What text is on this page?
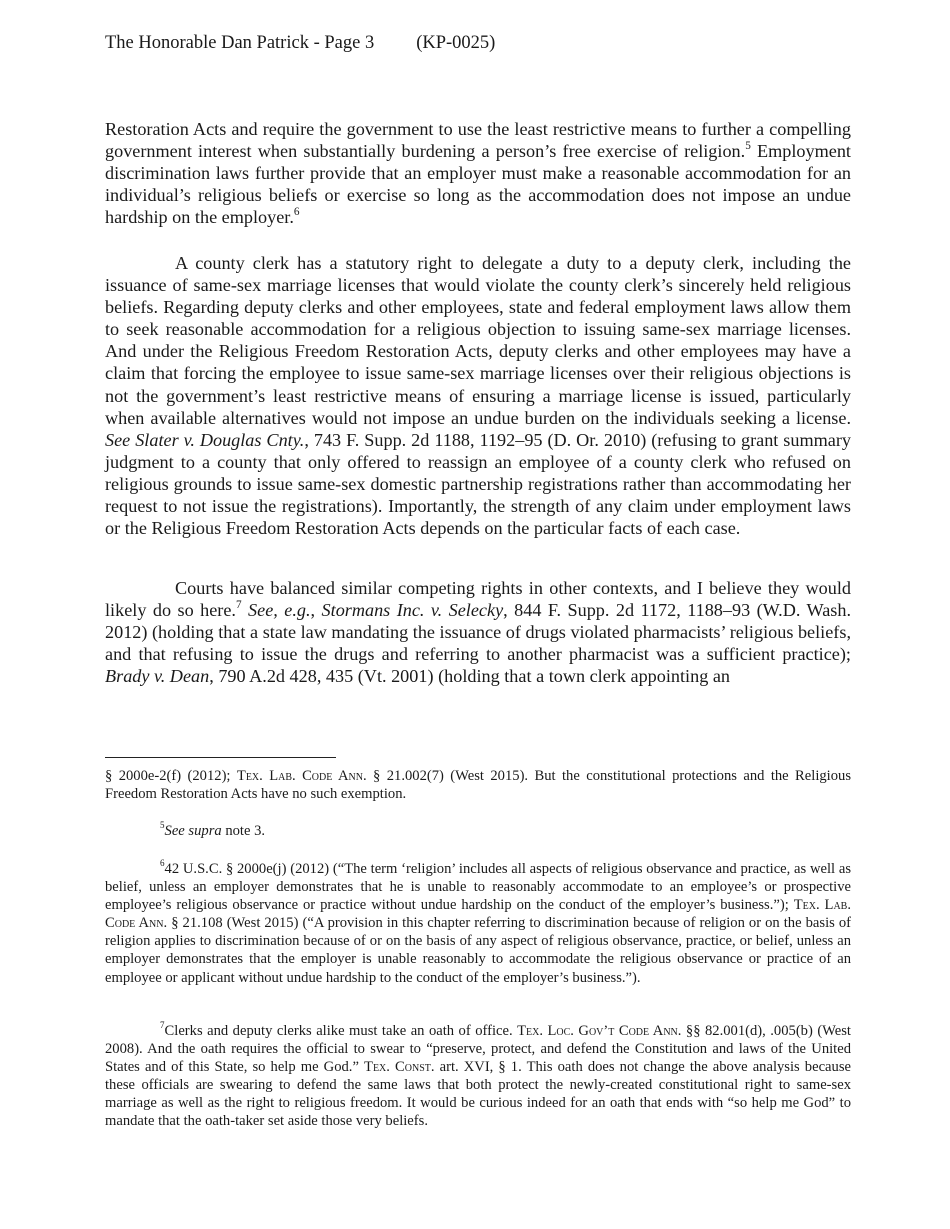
The Honorable Dan Patrick - Page 3 (KP-0025)

Restoration Acts and require the government to use the least restrictive means to further a compelling government interest when substantially burdening a person’s free exercise of religion.$^5$ Employment discrimination laws further provide that an employer must make a reasonable accommodation for an individual’s religious beliefs or exercise so long as the accommodation does not impose an undue hardship on the employer.$^6$

A county clerk has a statutory right to delegate a duty to a deputy clerk, including the issuance of same-sex marriage licenses that would violate the county clerk’s sincerely held religious beliefs. Regarding deputy clerks and other employees, state and federal employment laws allow them to seek reasonable accommodation for a religious objection to issuing same-sex marriage licenses. And under the Religious Freedom Restoration Acts, deputy clerks and other employees may have a claim that forcing the employee to issue same-sex marriage licenses over their religious objections is not the government’s least restrictive means of ensuring a marriage license is issued, particularly when available alternatives would not impose an undue burden on the individuals seeking a license. See Slater v. Douglas Cnty., 743 F. Supp. 2d 1188, 1192–95 (D. Or. 2010) (refusing to grant summary judgment to a county that only offered to reassign an employee of a county clerk who refused on religious grounds to issue same-sex domestic partnership registrations rather than accommodating her request to not issue the registrations). Importantly, the strength of any claim under employment laws or the Religious Freedom Restoration Acts depends on the particular facts of each case.

Courts have balanced similar competing rights in other contexts, and I believe they would likely do so here.$^7$ See, e.g., Stormans Inc. v. Selecky, 844 F. Supp. 2d 1172, 1188–93 (W.D. Wash. 2012) (holding that a state law mandating the issuance of drugs violated pharmacists’ religious beliefs, and that refusing to issue the drugs and referring to another pharmacist was a sufficient practice); Brady v. Dean, 790 A.2d 428, 435 (Vt. 2001) (holding that a town clerk appointing an

§ 2000e-2(f) (2012); Tex. Lab. Code Ann. § 21.002(7) (West 2015). But the constitutional protections and the Religious Freedom Restoration Acts have no such exemption.

$^5$See supra note 3.

$^6$42 U.S.C. § 2000e(j) (2012) (“The term ‘religion’ includes all aspects of religious observance and practice, as well as belief, unless an employer demonstrates that he is unable to reasonably accommodate to an employee’s or prospective employee’s religious observance or practice without undue hardship on the conduct of the employer’s business.”); Tex. Lab. Code Ann. § 21.108 (West 2015) (“A provision in this chapter referring to discrimination because of religion or on the basis of religion applies to discrimination because of or on the basis of any aspect of religious observance, practice, or belief, unless an employer demonstrates that the employer is unable reasonably to accommodate the religious observance or practice of an employee or applicant without undue hardship to the conduct of the employer’s business.”).

$^7$Clerks and deputy clerks alike must take an oath of office. Tex. Loc. Gov’t Code Ann. §§ 82.001(d), .005(b) (West 2008). And the oath requires the official to swear to “preserve, protect, and defend the Constitution and laws of the United States and of this State, so help me God.” Tex. Const. art. XVI, § 1. This oath does not change the above analysis because these officials are swearing to defend the same laws that both protect the newly-created constitutional right to same-sex marriage as well as the right to religious freedom. It would be curious indeed for an oath that ends with “so help me God” to mandate that the oath-taker set aside those very beliefs.
